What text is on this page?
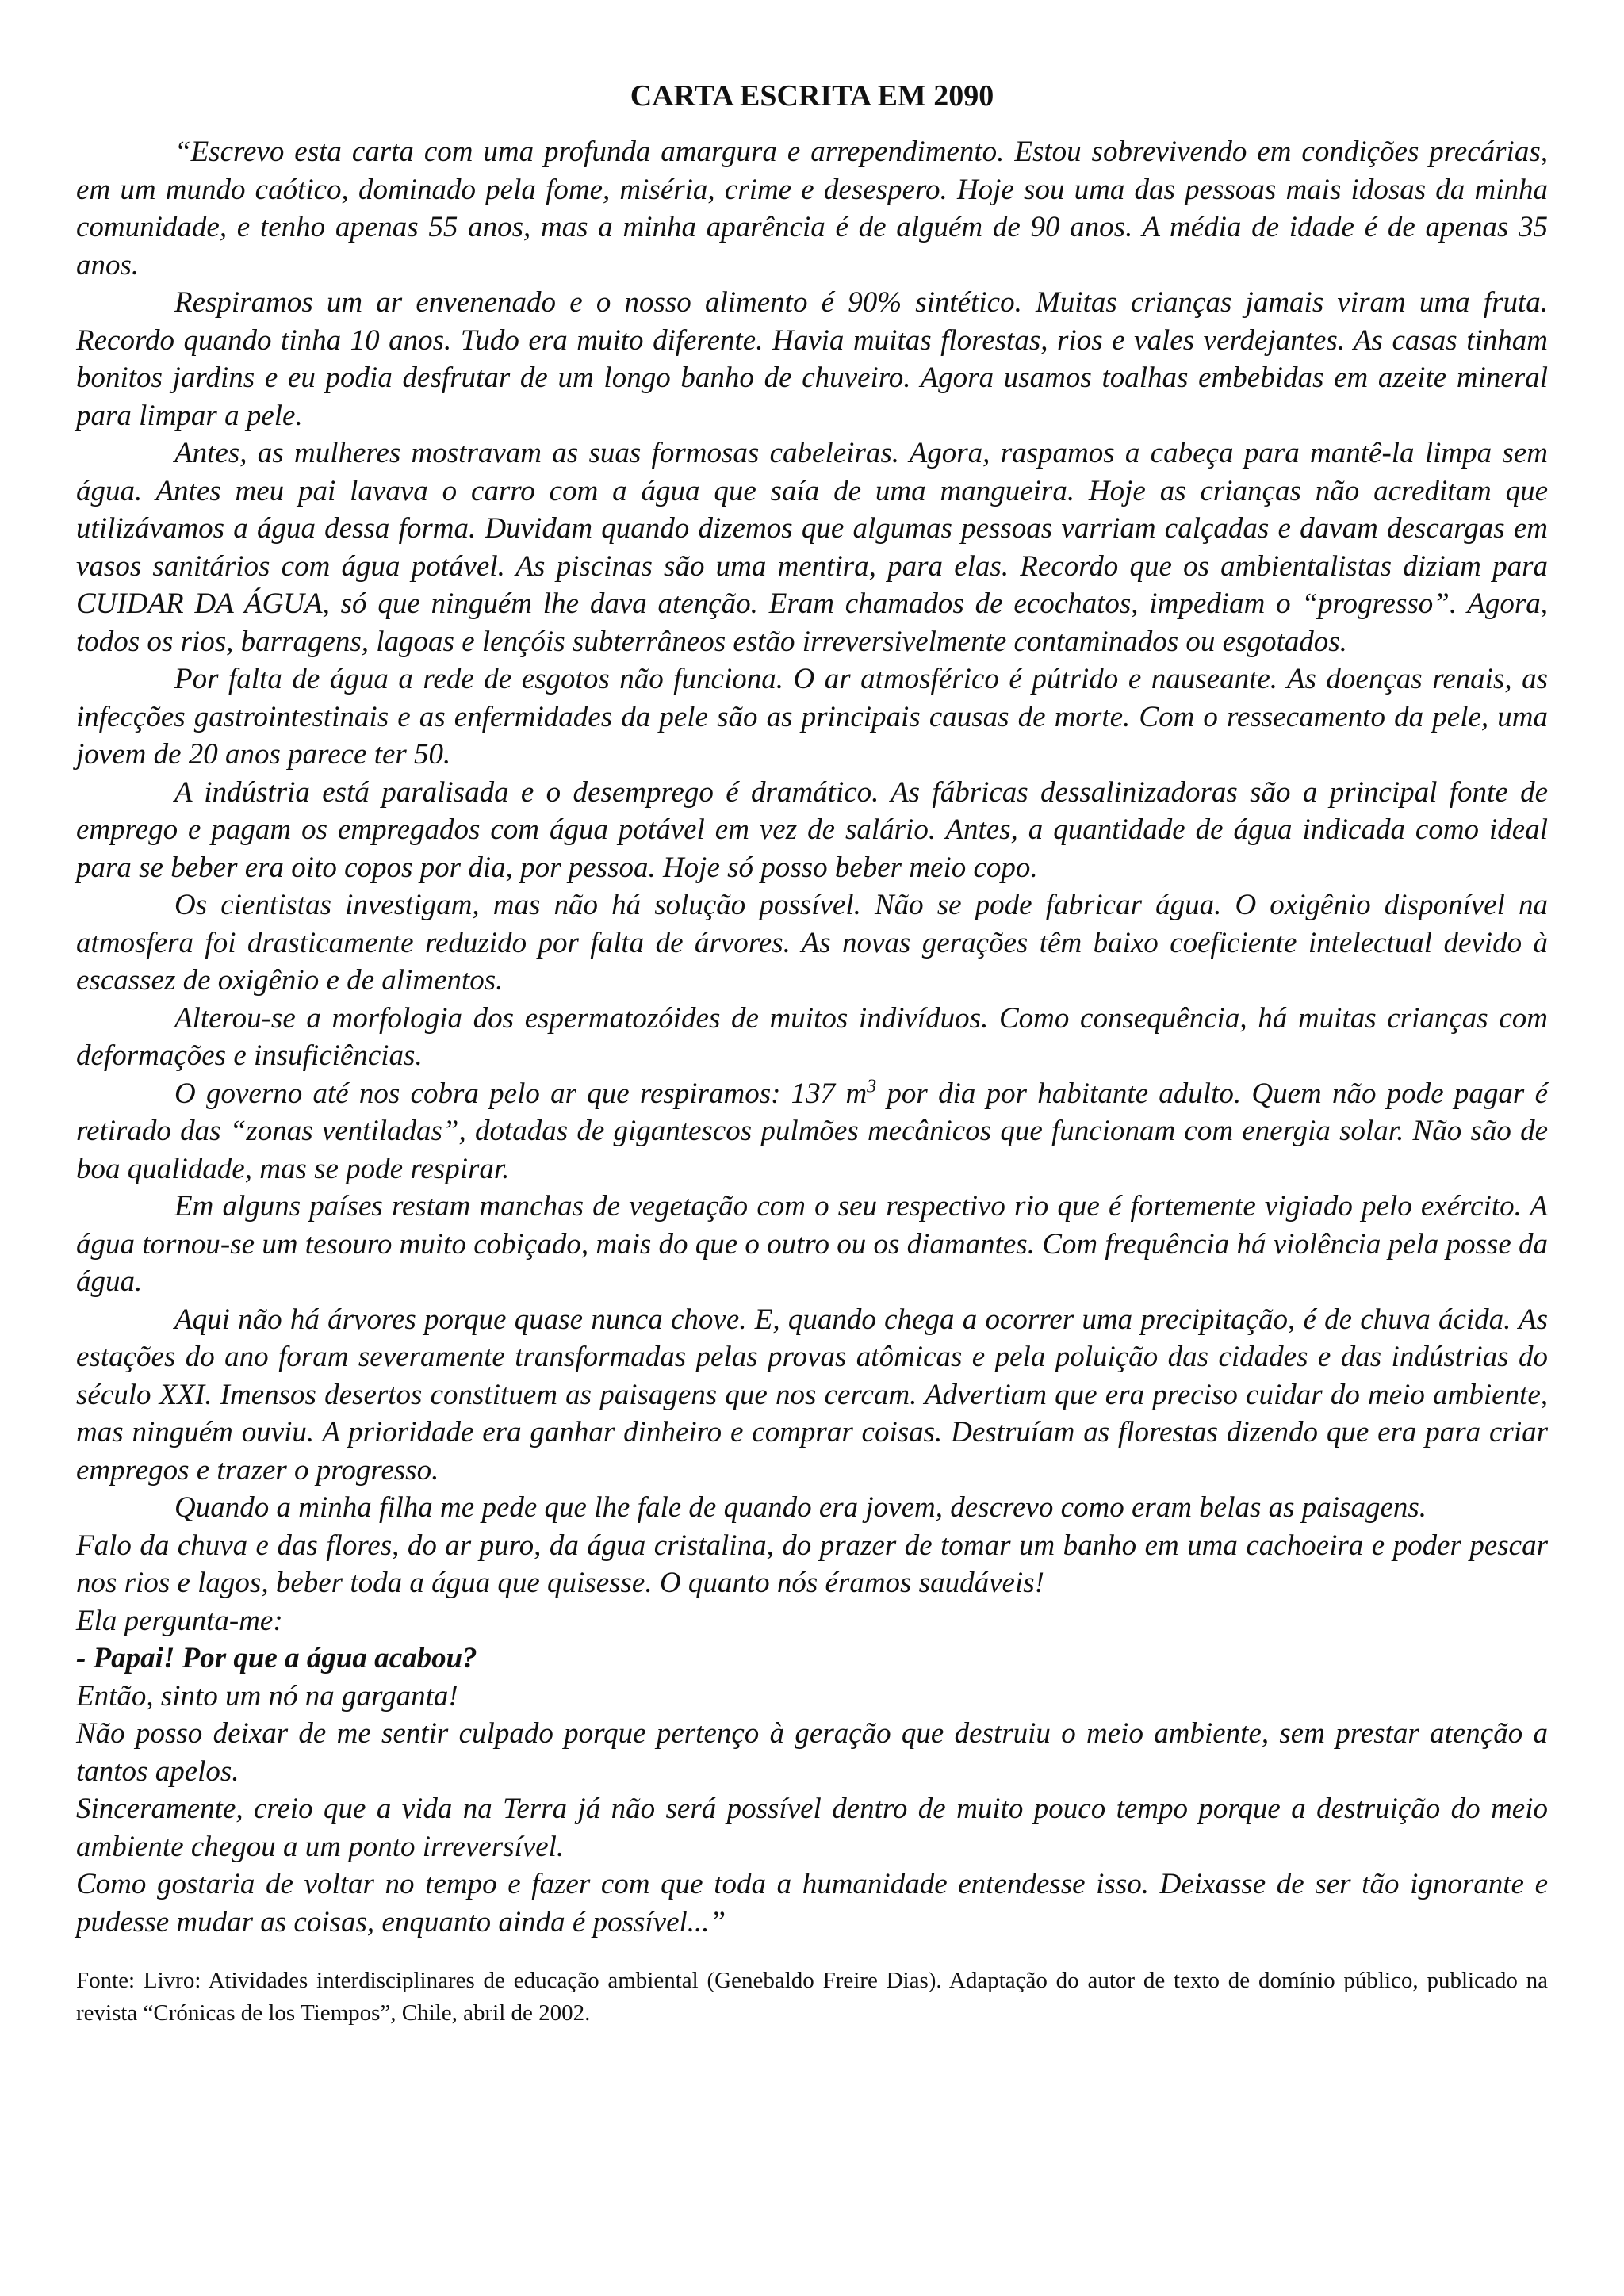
CARTA ESCRITA EM 2090

“Escrevo esta carta com uma profunda amargura e arrependimento. Estou sobrevivendo em condições precárias, em um mundo caótico, dominado pela fome, miséria, crime e desespero. Hoje sou uma das pessoas mais idosas da minha comunidade, e tenho apenas 55 anos, mas a minha aparência é de alguém de 90 anos. A média de idade é de apenas 35 anos.

Respiramos um ar envenenado e o nosso alimento é 90% sintético. Muitas crianças jamais viram uma fruta. Recordo quando tinha 10 anos. Tudo era muito diferente. Havia muitas florestas, rios e vales verdejantes. As casas tinham bonitos jardins e eu podia desfrutar de um longo banho de chuveiro. Agora usamos toalhas embebidas em azeite mineral para limpar a pele.

Antes, as mulheres mostravam as suas formosas cabeleiras. Agora, raspamos a cabeça para mantê-la limpa sem água. Antes meu pai lavava o carro com a água que saía de uma mangueira. Hoje as crianças não acreditam que utilizávamos a água dessa forma. Duvidam quando dizemos que algumas pessoas varriam calçadas e davam descargas em vasos sanitários com água potável. As piscinas são uma mentira, para elas. Recordo que os ambientalistas diziam para CUIDAR DA ÁGUA, só que ninguém lhe dava atenção. Eram chamados de ecochatos, impediam o “progresso”. Agora, todos os rios, barragens, lagoas e lençóis subterrâneos estão irreversivelmente contaminados ou esgotados.

Por falta de água a rede de esgotos não funciona. O ar atmosférico é pútrido e nauseante. As doenças renais, as infecções gastrointestinais e as enfermidades da pele são as principais causas de morte. Com o ressecamento da pele, uma jovem de 20 anos parece ter 50.

A indústria está paralisada e o desemprego é dramático. As fábricas dessalinizadoras são a principal fonte de emprego e pagam os empregados com água potável em vez de salário. Antes, a quantidade de água indicada como ideal para se beber era oito copos por dia, por pessoa. Hoje só posso beber meio copo.

Os cientistas investigam, mas não há solução possível. Não se pode fabricar água. O oxigênio disponível na atmosfera foi drasticamente reduzido por falta de árvores. As novas gerações têm baixo coeficiente intelectual devido à escassez de oxigênio e de alimentos.

Alterou-se a morfologia dos espermatozóides de muitos indivíduos. Como consequência, há muitas crianças com deformações e insuficiências.

O governo até nos cobra pelo ar que respiramos: 137 $m^3$ por dia por habitante adulto. Quem não pode pagar é retirado das “zonas ventiladas”, dotadas de gigantescos pulmões mecânicos que funcionam com energia solar. Não são de boa qualidade, mas se pode respirar.

Em alguns países restam manchas de vegetação com o seu respectivo rio que é fortemente vigiado pelo exército. A água tornou-se um tesouro muito cobiçado, mais do que o outro ou os diamantes. Com frequência há violência pela posse da água.

Aqui não há árvores porque quase nunca chove. E, quando chega a ocorrer uma precipitação, é de chuva ácida. As estações do ano foram severamente transformadas pelas provas atômicas e pela poluição das cidades e das indústrias do século XXI. Imensos desertos constituem as paisagens que nos cercam. Advertiam que era preciso cuidar do meio ambiente, mas ninguém ouviu. A prioridade era ganhar dinheiro e comprar coisas. Destruíam as florestas dizendo que era para criar empregos e trazer o progresso.

Quando a minha filha me pede que lhe fale de quando era jovem, descrevo como eram belas as paisagens.

Falo da chuva e das flores, do ar puro, da água cristalina, do prazer de tomar um banho em uma cachoeira e poder pescar nos rios e lagos, beber toda a água que quisesse. O quanto nós éramos saudáveis!

Ela pergunta-me:

- Papai! Por que a água acabou?

Então, sinto um nó na garganta!

Não posso deixar de me sentir culpado porque pertenço à geração que destruiu o meio ambiente, sem prestar atenção a tantos apelos.

Sinceramente, creio que a vida na Terra já não será possível dentro de muito pouco tempo porque a destruição do meio ambiente chegou a um ponto irreversível.

Como gostaria de voltar no tempo e fazer com que toda a humanidade entendesse isso. Deixasse de ser tão ignorante e pudesse mudar as coisas, enquanto ainda é possível...”

Fonte: Livro: Atividades interdisciplinares de educação ambiental (Genebaldo Freire Dias). Adaptação do autor de texto de domínio público, publicado na revista “Crónicas de los Tiempos”, Chile, abril de 2002.
